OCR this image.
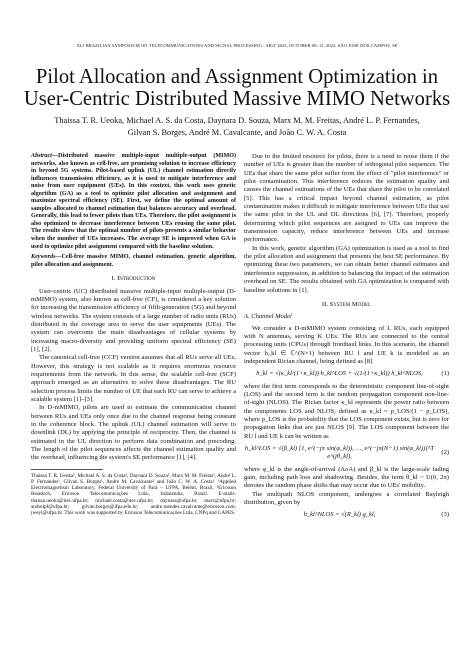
XLI BRAZILIAN SYMPOSIUM ON TELECOMMUNICATIONS AND SIGNAL PROCESSING - SBrT 2023, OCTOBER 08–11, 2023, SÃO JOSÉ DOS CAMPOS, SP
Pilot Allocation and Assignment Optimization in
User-Centric Distributed Massive MIMO Networks
Thaissa T. R. Ueoka, Michael A. S. da Costa, Daynara D. Souza, Marx M. M. Freitas, André L. P. Fernandes,
Gilvan S. Borges, André M. Cavalcante, and João C. W. A. Costa

Abstract—Distributed massive multiple-input multiple-output (MIMO) networks, also known as cell-free, are promising solution to increase efficiency in beyond 5G systems. Pilot-based uplink (UL) channel estimation directly influences transmission efficiency, as it is used to mitigate interference and noise from user equipment (UEs). In this context, this work uses genetic algorithm (GA) as a tool to optimize pilot allocation and assignment and maximize spectral efficiency (SE). First, we define the optimal amount of samples allocated to channel estimation that balances accuracy and overhead. Generally, this lead to fewer pilots than UEs. Therefore, the pilot assignment is also optimized to decrease interference between UEs reusing the same pilot. The results show that the optimal number of pilots presents a similar behavior when the number of UEs increases. The average SE is improved when GA is used to optimize pilot assignment compared with the baseline solution.

Keywords—Cell-free massive MIMO, channel estimation, genetic algorithm, pilot allocation and assignment.

I. Introduction

User-centric (UC) distributed massive multiple-input multiple-output (D-mMIMO) system, also known as cell-free (CF), is considered a key solution for increasing the transmission efficiency of fifth-generation (5G) and beyond wireless networks. The system consists of a large number of radio units (RUs) distributed in the coverage area to serve the user equipments (UEs). The system can overcome the main disadvantages of cellular systems by increasing macro-diversity and providing uniform spectral efficiency (SE) [1], [2].

The canonical cell-free (CCF) version assumes that all RUs serve all UEs. However, this strategy is not scalable as it requires enormous resource requirements from the network. In this sense, the scalable cell-free (SCF) approach emerged as an alternative to solve these disadvantages. The RU selection process limits the number of UE that each RU can serve to achieve a scalable system [1]–[3].

In D-mMIMO, pilots are used to estimate the communication channel between RUs and UEs only once due to the channel response being constant in the coherence block. The uplink (UL) channel estimation will serve to downlink (DL) by applying the principle of reciprocity. Then, the channel is estimated in the UL direction to perform data combination and precoding. The length of the pilot sequences affects the channel estimation quality and the overhead, influencing the system's SE performance [1], [4].

Thaissa T. R. Ueoka¹, Michael A. S. da Costa¹, Daynara D. Souza¹, Marx M. M. Freitas¹, André L. P. Fernandes¹, Gilvan S. Borges¹, André M. Cavalcante² and João C. W. A. Costa¹. ¹Applied Electromagnetism Laboratory, Federal University of Pará – UFPA, Belém, Brazil, ²Ericsson Research, Ericsson Telecomunicações Ltda., Indaiatuba, Brazil. E-mails: thaissa.ueoka@itec.ufpa.br; michael.costa@itec.ufpa.br; daynara@ufpa.br; marx@ufpa.br; andrelpf@ufpa.br; gilvan.borges@ifpa.edu.br; andre.mendes.cavalcante@ericsson.com; jweyl@ufpa.br. This work was supported by Ericsson Telecomunicações Ltda, CNPq and CAPES.

Due to the limited resource for pilots, there is a need to reuse them if the number of UEs is greater than the number of orthogonal pilot sequences. The UEs that share the same pilot suffer from the effect of "pilot interference" or pilot contamination. This interference reduces the estimation quality and causes the channel estimations of the UEs that share the pilot to be correlated [5]. This has a critical impact beyond channel estimation, as pilot contamination makes it difficult to mitigate interference between UEs that use the same pilot in the UL and DL directions [6], [7]. Therefore, properly determining which pilot sequences are assigned to UEs can improve the transmission capacity, reduce interference between UEs and increase performance.

In this work, genetic algorithm (GA) optimization is used as a tool to find the pilot allocation and assignment that presents the best SE performance. By optimizing these two parameters, we can obtain better channel estimates and interference suppression, in addition to balancing the impact of the estimation overhead on SE. The results obtained with GA optimization is compared with baseline solutions in [1].

II. System Model
A. Channel Model

We consider a D-mMIMO system consisting of L RUs, each equipped with N antennas, serving K UEs. The RUs are connected to the central processing units (CPUs) through fronthaul links. In this scenario, the channel vector h_kl ∈ ℂ^(N×1) between RU l and UE k is modeled as an independent Rician channel, being defined as [8]

h_kl = √(κ_kl/(1+κ_kl)) h_kl^LOS + √(1/(1+κ_kl)) h_kl^NLOS,	(1)

where the first term corresponds to the deterministic component line-of-sight (LOS) and the second term is the random propagation component non-line-of-sight (NLOS). The Rician factor κ_kl represents the power ratio between the components LOS and NLOS, defined as κ_kl = p_LOS/(1 − p_LOS), where p_LOS is the probability that the LOS component exists, but is zero for propagation links that are just NLOS [9]. The LOS component between the RU l and UE k can be written as

h_kl^LOS = √(β_kl) [1, e^(−jπ sin(φ_kl)), …, e^(−jπ(N−1) sin(φ_kl))]^T e^(jθ_kl),
(2)

where φ_kl is the angle-of-arrival (AoA) and β_kl is the large-scale fading gain, including path loss and shadowing. Besides, the term θ_kl ~ U(0, 2π) denotes the random phase shifts that may occur due to UEs' mobility.

The multipath NLOS component, undergoes a correlated Rayleigh distribution, given by

h_kl^NLOS = √(R_kl) g_kl,	(3)
